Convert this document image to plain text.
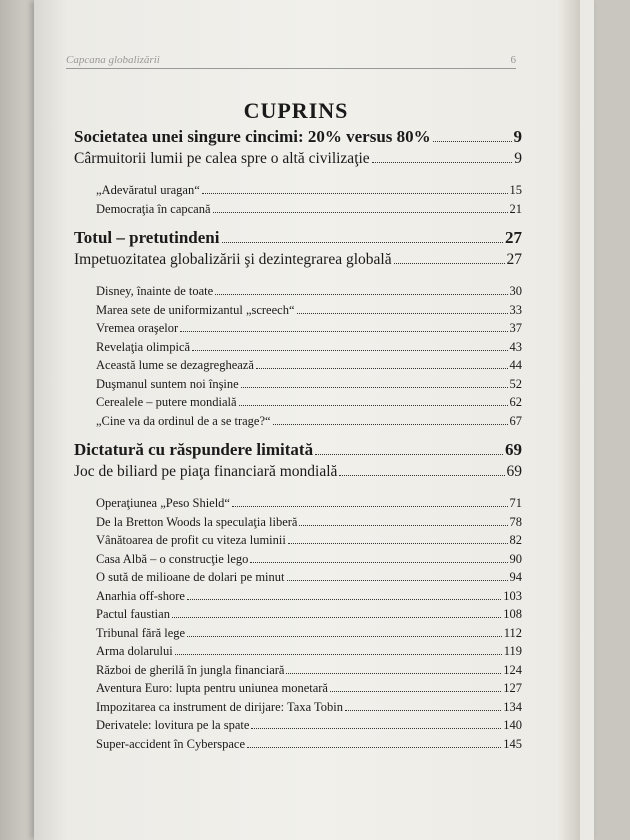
Capcana globalizării	6
CUPRINS
Societatea unei singure cincimi: 20% versus 80%	9
Cârmuitorii lumii pe calea spre o altă civilizaţie	9
„Adevăratul uragan“	15
Democraţia în capcană	21
Totul – pretutindeni	27
Impetuozitatea globalizării şi dezintegrarea globală	27
Disney, înainte de toate	30
Marea sete de uniformizantul „screech“	33
Vremea oraşelor	37
Revelaţia olimpică	43
Această lume se dezagreghează	44
Duşmanul suntem noi înşine	52
Cerealele – putere mondială	62
„Cine va da ordinul de a se trage?“	67
Dictatură cu răspundere limitată	69
Joc de biliard pe piaţa financiară mondială	69
Operaţiunea „Peso Shield“	71
De la Bretton Woods la speculaţia liberă	78
Vânătoarea de profit cu viteza luminii	82
Casa Albă – o construcţie lego	90
O sută de milioane de dolari pe minut	94
Anarhia off-shore	103
Pactul faustian	108
Tribunal fără lege	112
Arma dolarului	119
Război de gherilă în jungla financiară	124
Aventura Euro: lupta pentru uniunea monetară	127
Impozitarea ca instrument de dirijare: Taxa Tobin	134
Derivatele: lovitura pe la spate	140
Super-accident în Cyberspace	145
